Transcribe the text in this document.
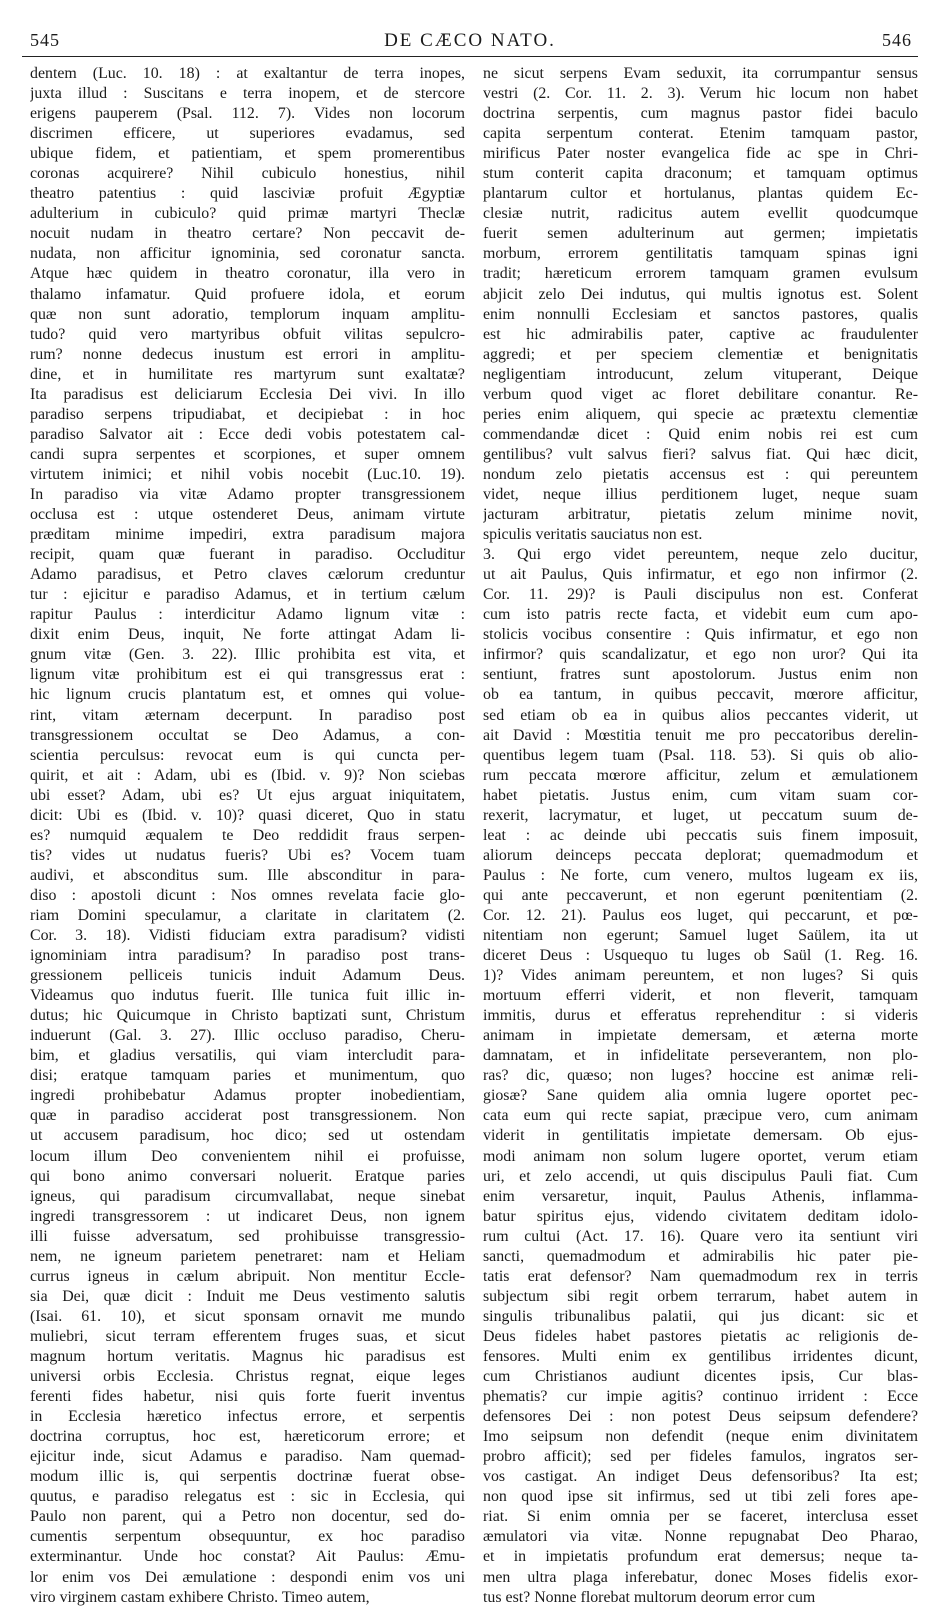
545	DE CÆCO NATO.	546
dentem (Luc. 10. 18) : at exaltantur de terra inopes,
juxta illud : Suscitans e terra inopem, et de stercore
erigens pauperem (Psal. 112. 7). Vides non locorum
discrimen efficere, ut superiores evadamus, sed
ubique fidem, et patientiam, et spem promerentibus
coronas acquirere? Nihil cubiculo honestius, nihil
theatro patentius : quid lasciviæ profuit Ægyptiæ
adulterium in cubiculo? quid primæ martyri Theclæ
nocuit nudam in theatro certare? Non peccavit de-
nudata, non afficitur ignominia, sed coronatur sancta.
Atque hæc quidem in theatro coronatur, illa vero in
thalamo infamatur. Quid profuere idola, et eorum
quæ non sunt adoratio, templorum inquam amplitu-
tudo? quid vero martyribus obfuit vilitas sepulcro-
rum? nonne dedecus inustum est errori in amplitu-
dine, et in humilitate res martyrum sunt exaltatæ?
Ita paradisus est deliciarum Ecclesia Dei vivi. In illo
paradiso serpens tripudiabat, et decipiebat : in hoc
paradiso Salvator ait : Ecce dedi vobis potestatem cal-
candi supra serpentes et scorpiones, et super omnem
virtutem inimici; et nihil vobis nocebit (Luc.10. 19).
In paradiso via vitæ Adamo propter transgressionem
occlusa est : utque ostenderet Deus, animam virtute
præditam minime impediri, extra paradisum majora
recipit, quam quæ fuerant in paradiso. Occluditur
Adamo paradisus, et Petro claves cælorum creduntur
tur : ejicitur e paradiso Adamus, et in tertium cælum
rapitur Paulus : interdicitur Adamo lignum vitæ :
dixit enim Deus, inquit, Ne forte attingat Adam li-
gnum vitæ (Gen. 3. 22). Illic prohibita est vita, et
lignum vitæ prohibitum est ei qui transgressus erat :
hic lignum crucis plantatum est, et omnes qui volue-
rint, vitam æternam decerpunt. In paradiso post
transgressionem occultat se Deo Adamus, a con-
scientia perculsus: revocat eum is qui cuncta per-
quirit, et ait : Adam, ubi es (Ibid. v. 9)? Non sciebas
ubi esset? Adam, ubi es? Ut ejus arguat iniquitatem,
dicit: Ubi es (Ibid. v. 10)? quasi diceret, Quo in statu
es? numquid æqualem te Deo reddidit fraus serpen-
tis? vides ut nudatus fueris? Ubi es? Vocem tuam
audivi, et absconditus sum. Ille absconditur in para-
diso : apostoli dicunt : Nos omnes revelata facie glo-
riam Domini speculamur, a claritate in claritatem (2.
Cor. 3. 18). Vidisti fiduciam extra paradisum? vidisti
ignominiam intra paradisum? In paradiso post trans-
gressionem pelliceis tunicis induit Adamum Deus.
Videamus quo indutus fuerit. Ille tunica fuit illic in-
dutus; hic Quicumque in Christo baptizati sunt, Christum
induerunt (Gal. 3. 27). Illic occluso paradiso, Cheru-
bim, et gladius versatilis, qui viam intercludit para-
disi; eratque tamquam paries et munimentum, quo
ingredi prohibebatur Adamus propter inobedientiam,
quæ in paradiso acciderat post transgressionem. Non
ut accusem paradisum, hoc dico; sed ut ostendam
locum illum Deo convenientem nihil ei profuisse,
qui bono animo conversari noluerit. Eratque paries
igneus, qui paradisum circumvallabat, neque sinebat
ingredi transgressorem : ut indicaret Deus, non ignem
illi fuisse adversatum, sed prohibuisse transgressio-
nem, ne igneum parietem penetraret: nam et Heliam
currus igneus in cælum abripuit. Non mentitur Eccle-
sia Dei, quæ dicit : Induit me Deus vestimento salutis
(Isai. 61. 10), et sicut sponsam ornavit me mundo
muliebri, sicut terram efferentem fruges suas, et sicut
magnum hortum veritatis. Magnus hic paradisus est
universi orbis Ecclesia. Christus regnat, eique leges
ferenti fides habetur, nisi quis forte fuerit inventus
in Ecclesia hæretico infectus errore, et serpentis
doctrina corruptus, hoc est, hæreticorum errore; et
ejicitur inde, sicut Adamus e paradiso. Nam quemad-
modum illic is, qui serpentis doctrinæ fuerat obse-
quutus, e paradiso relegatus est : sic in Ecclesia, qui
Paulo non parent, qui a Petro non docentur, sed do-
cumentis serpentum obsequuntur, ex hoc paradiso
exterminantur. Unde hoc constat? Ait Paulus: Æmu-
lor enim vos Dei æmulatione : despondi enim vos uni
viro virginem castam exhibere Christo. Timeo autem,
ne sicut serpens Evam seduxit, ita corrumpantur sensus
vestri (2. Cor. 11. 2. 3). Verum hic locum non habet
doctrina serpentis, cum magnus pastor fidei baculo
capita serpentum conterat. Etenim tamquam pastor,
mirificus Pater noster evangelica fide ac spe in Chri-
stum conterit capita draconum; et tamquam optimus
plantarum cultor et hortulanus, plantas quidem Ec-
clesiæ nutrit, radicitus autem evellit quodcumque
fuerit semen adulterinum aut germen; impietatis
morbum, errorem gentilitatis tamquam spinas igni
tradit; hæreticum errorem tamquam gramen evulsum
abjicit zelo Dei indutus, qui multis ignotus est. Solent
enim nonnulli Ecclesiam et sanctos pastores, qualis
est hic admirabilis pater, captive ac fraudulenter
aggredi; et per speciem clementiæ et benignitatis
negligentiam introducunt, zelum vituperant, Deique
verbum quod viget ac floret debilitare conantur. Re-
peries enim aliquem, qui specie ac prætextu clementiæ
commendandæ dicet : Quid enim nobis rei est cum
gentilibus? vult salvus fieri? salvus fiat. Qui hæc dicit,
nondum zelo pietatis accensus est : qui pereuntem
videt, neque illius perditionem luget, neque suam
jacturam arbitratur, pietatis zelum minime novit,
spiculis veritatis sauciatus non est.
3. Qui ergo videt pereuntem, neque zelo ducitur,
ut ait Paulus, Quis infirmatur, et ego non infirmor (2.
Cor. 11. 29)? is Pauli discipulus non est. Conferat
cum isto patris recte facta, et videbit eum cum apo-
stolicis vocibus consentire : Quis infirmatur, et ego non
infirmor? quis scandalizatur, et ego non uror? Qui ita
sentiunt, fratres sunt apostolorum. Justus enim non
ob ea tantum, in quibus peccavit, mœrore afficitur,
sed etiam ob ea in quibus alios peccantes viderit, ut
ait David : Mœstitia tenuit me pro peccatoribus derelin-
quentibus legem tuam (Psal. 118. 53). Si quis ob alio-
rum peccata mœrore afficitur, zelum et æmulationem
habet pietatis. Justus enim, cum vitam suam cor-
rexerit, lacrymatur, et luget, ut peccatum suum de-
leat : ac deinde ubi peccatis suis finem imposuit,
aliorum deinceps peccata deplorat; quemadmodum et
Paulus : Ne forte, cum venero, multos lugeam ex iis,
qui ante peccaverunt, et non egerunt pœnitentiam (2.
Cor. 12. 21). Paulus eos luget, qui peccarunt, et pœ-
nitentiam non egerunt; Samuel luget Saülem, ita ut
diceret Deus : Usquequo tu luges ob Saül (1. Reg. 16.
1)? Vides animam pereuntem, et non luges? Si quis
mortuum efferri viderit, et non fleverit, tamquam
immitis, durus et efferatus reprehenditur : si videris
animam in impietate demersam, et æterna morte
damnatam, et in infidelitate perseverantem, non plo-
ras? dic, quæso; non luges? hoccine est animæ reli-
giosæ? Sane quidem alia omnia lugere oportet pec-
cata eum qui recte sapiat, præcipue vero, cum animam
viderit in gentilitatis impietate demersam. Ob ejus-
modi animam non solum lugere oportet, verum etiam
uri, et zelo accendi, ut quis discipulus Pauli fiat. Cum
enim versaretur, inquit, Paulus Athenis, inflamma-
batur spiritus ejus, videndo civitatem deditam idolo-
rum cultui (Act. 17. 16). Quare vero ita sentiunt viri
sancti, quemadmodum et admirabilis hic pater pie-
tatis erat defensor? Nam quemadmodum rex in terris
subjectum sibi regit orbem terrarum, habet autem in
singulis tribunalibus palatii, qui jus dicant: sic et
Deus fideles habet pastores pietatis ac religionis de-
fensores. Multi enim ex gentilibus irridentes dicunt,
cum Christianos audiunt dicentes ipsis, Cur blas-
phematis? cur impie agitis? continuo irrident : Ecce
defensores Dei : non potest Deus seipsum defendere?
Imo seipsum non defendit (neque enim divinitatem
probro afficit); sed per fideles famulos, ingratos ser-
vos castigat. An indiget Deus defensoribus? Ita est;
non quod ipse sit infirmus, sed ut tibi zeli fores ape-
riat. Si enim omnia per se faceret, interclusa esset
æmulatori via vitæ. Nonne repugnabat Deo Pharao,
et in impietatis profundum erat demersus; neque ta-
men ultra plaga inferebatur, donec Moses fidelis exor-
tus est? Nonne florebat multorum deorum error cum
